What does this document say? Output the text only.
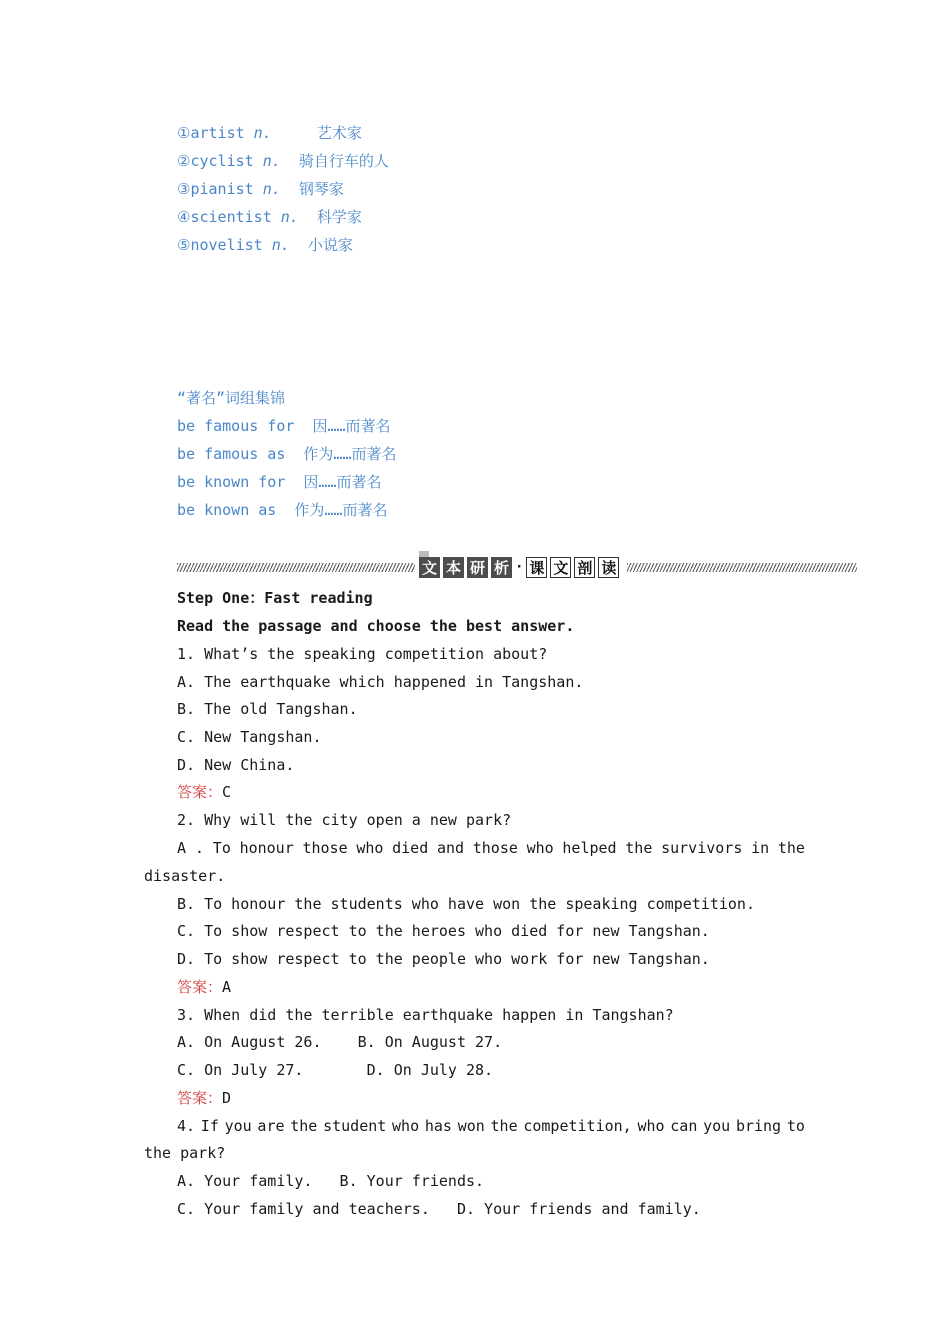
①artist n.	艺术家
②cyclist n. 骑自行车的人
③pianist n. 钢琴家
④scientist n. 科学家
⑤novelist n. 小说家
“著名”词组集锦
be famous for  因……而著名
be famous as  作为……而著名
be known for  因……而著名
be known as  作为……而著名
文 本 研 析 · 课 文 剖 读
Step One：Fast reading
Read the passage and choose the best answer.
1. What’s the speaking competition about?
A. The earthquake which happened in Tangshan.
B. The old Tangshan.
C. New Tangshan.
D. New China.
答案：C
2. Why will the city open a new park?
A . To honour those who died and those who helped the survivors in the
disaster.
B. To honour the students who have won the speaking competition.
C. To show respect to the heroes who died for new Tangshan.
D. To show respect to the people who work for new Tangshan.
答案：A
3. When did the terrible earthquake happen in Tangshan?
A. On August 26.    B. On August 27.
C. On July 27.       D. On July 28.
答案：D
4. If you are the student who has won the competition, who can you bring to
the park?
A. Your family.   B. Your friends.
C. Your family and teachers.   D. Your friends and family.
